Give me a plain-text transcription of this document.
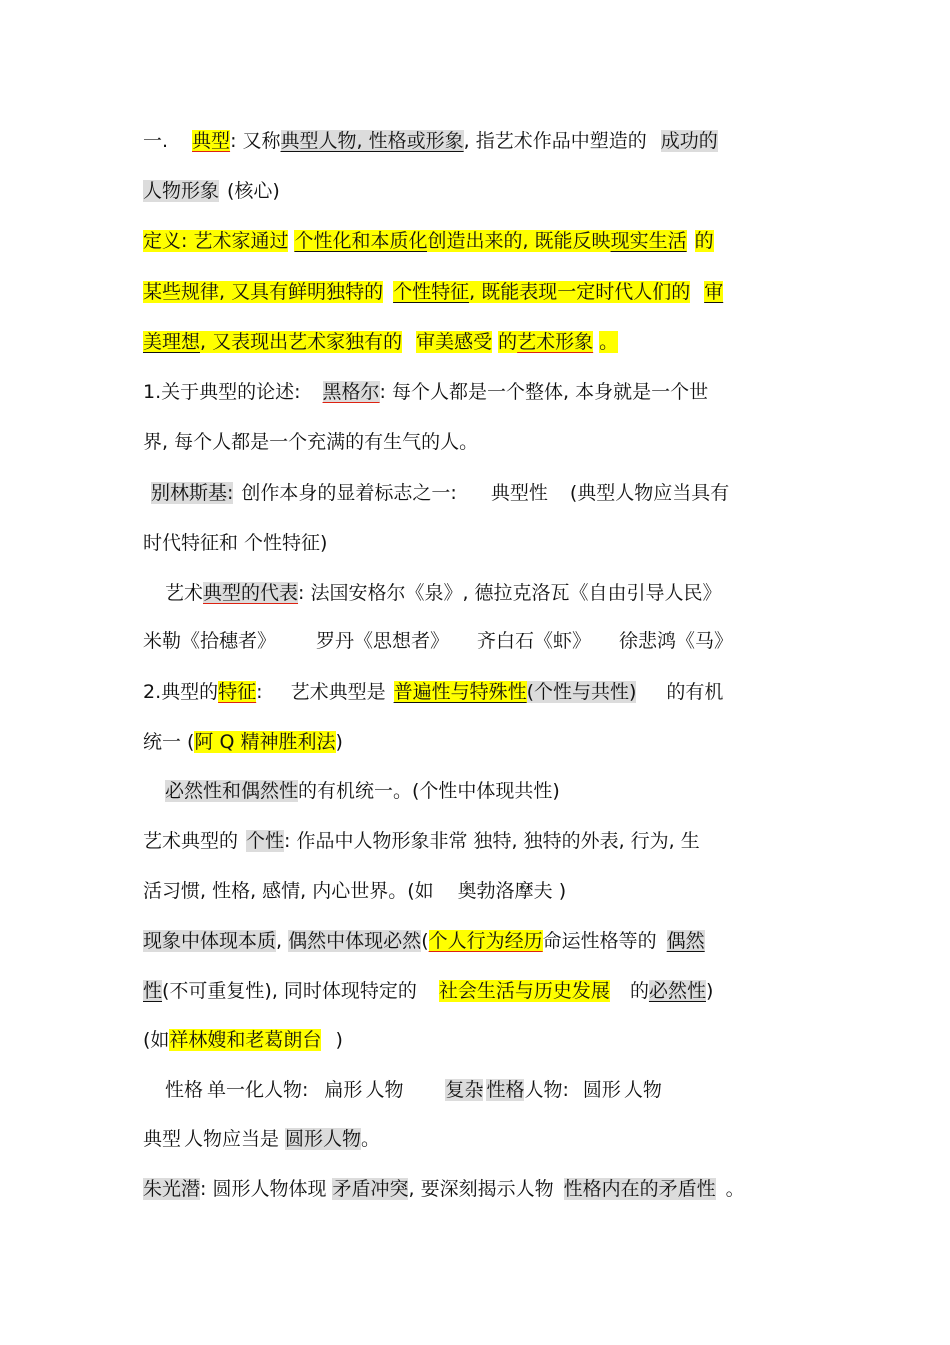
一. 典型: 又称典型人物, 性格或形象, 指艺术作品中塑造的 成功的
人物形象 (核心)
定义: 艺术家通过 个性化和本质化创造出来的, 既能反映现实生活 的
某些规律, 又具有鲜明独特的 个性特征, 既能表现一定时代人们的 审
美理想, 又表现出艺术家独有的 审美感受 的艺术形象 。
1.关于典型的论述: 黑格尔: 每个人都是一个整体, 本身就是一个世
界, 每个人都是一个充满的有生气的人。
别林斯基: 创作本身的显着标志之一: 典型性 (典型人物应当具有
时代特征和 个性特征)
艺术典型的代表: 法国安格尔《泉》, 德拉克洛瓦《自由引导人民》
米勒《拾穗者》 罗丹《思想者》 齐白石《虾》 徐悲鸿《马》
2.典型的特征: 艺术典型是 普遍性与特殊性(个性与共性) 的有机
统一 (阿 Q 精神胜利法)
必然性和偶然性的有机统一。(个性中体现共性)
艺术典型的 个性: 作品中人物形象非常 独特, 独特的外表, 行为, 生
活习惯, 性格, 感情, 内心世界。(如 奥勃洛摩夫 )
现象中体现本质, 偶然中体现必然(个人行为经历命运性格等的 偶然
性(不可重复性), 同时体现特定的 社会生活与历史发展 的必然性)
(如祥林嫂和老葛朗台 )
性格 单一化人物: 扁形 人物 复杂 性格人物: 圆形 人物
典型 人物应当是 圆形人物。
朱光潜: 圆形人物体现 矛盾冲突, 要深刻揭示人物 性格内在的矛盾性 。
